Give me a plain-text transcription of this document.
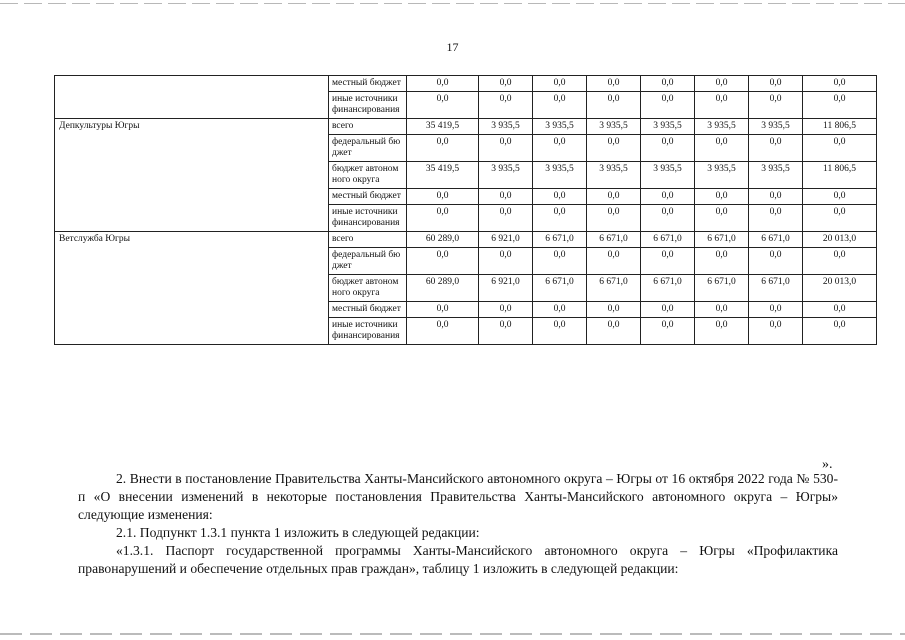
17
	местный бюджет	0,0	0,0	0,0	0,0	0,0	0,0	0,0	0,0
	иные источники финансирования	0,0	0,0	0,0	0,0	0,0	0,0	0,0	0,0
Депкультуры Югры	всего	35 419,5	3 935,5	3 935,5	3 935,5	3 935,5	3 935,5	3 935,5	11 806,5
	федеральный бюджет	0,0	0,0	0,0	0,0	0,0	0,0	0,0	0,0
	бюджет автономного округа	35 419,5	3 935,5	3 935,5	3 935,5	3 935,5	3 935,5	3 935,5	11 806,5
	местный бюджет	0,0	0,0	0,0	0,0	0,0	0,0	0,0	0,0
	иные источники финансирования	0,0	0,0	0,0	0,0	0,0	0,0	0,0	0,0
Ветслужба Югры	всего	60 289,0	6 921,0	6 671,0	6 671,0	6 671,0	6 671,0	6 671,0	20 013,0
	федеральный бюджет	0,0	0,0	0,0	0,0	0,0	0,0	0,0	0,0
	бюджет автономного округа	60 289,0	6 921,0	6 671,0	6 671,0	6 671,0	6 671,0	6 671,0	20 013,0
	местный бюджет	0,0	0,0	0,0	0,0	0,0	0,0	0,0	0,0
	иные источники финансирования	0,0	0,0	0,0	0,0	0,0	0,0	0,0	0,0
».

2. Внести в постановление Правительства Ханты-Мансийского автономного округа – Югры от 16 октября 2022 года № 530-п «О внесении изменений в некоторые постановления Правительства Ханты-Мансийского автономного округа – Югры» следующие изменения:

2.1. Подпункт 1.3.1 пункта 1 изложить в следующей редакции:

«1.3.1. Паспорт государственной программы Ханты-Мансийского автономного округа – Югры «Профилактика правонарушений и обеспечение отдельных прав граждан», таблицу 1 изложить в следующей редакции:
